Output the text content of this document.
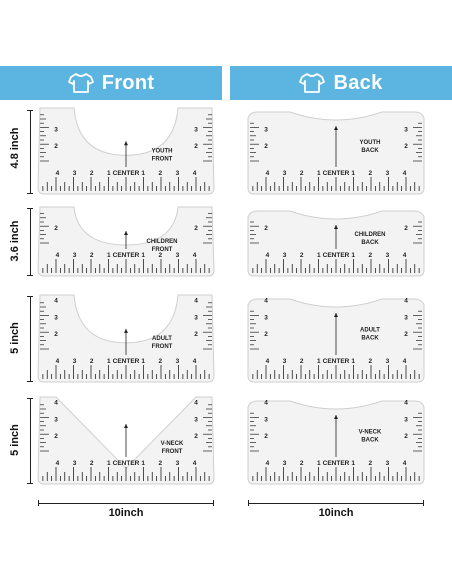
Front	Back
4.8 inch
3.6 inch
5 inch
5 inch
10inch	10inch
4 3 2 1	1 2 3 4
CENTER
3	3
2	2
YOUTH
FRONT
4 3 2 1	1 2 3 4
CENTER
3	3
2	2
YOUTH
BACK
4 3 2 1	1 2 3 4
CENTER
2	2
CHILDREN
FRONT
4 3 2 1	1 2 3 4
CENTER
2	2
CHILDREN
BACK
4 3 2 1	1 2 3 4
CENTER
4	4
3	3
2	2
ADULT
FRONT
4 3 2 1	1 2 3 4
CENTER
4	4
3	3
2	2
ADULT
BACK
4 3 2 1	1 2 3 4
CENTER
4	4
3	3
2	2
V-NECK
FRONT
4 3 2 1	1 2 3 4
CENTER
4	4
3	3
2	2
V-NECK
BACK
